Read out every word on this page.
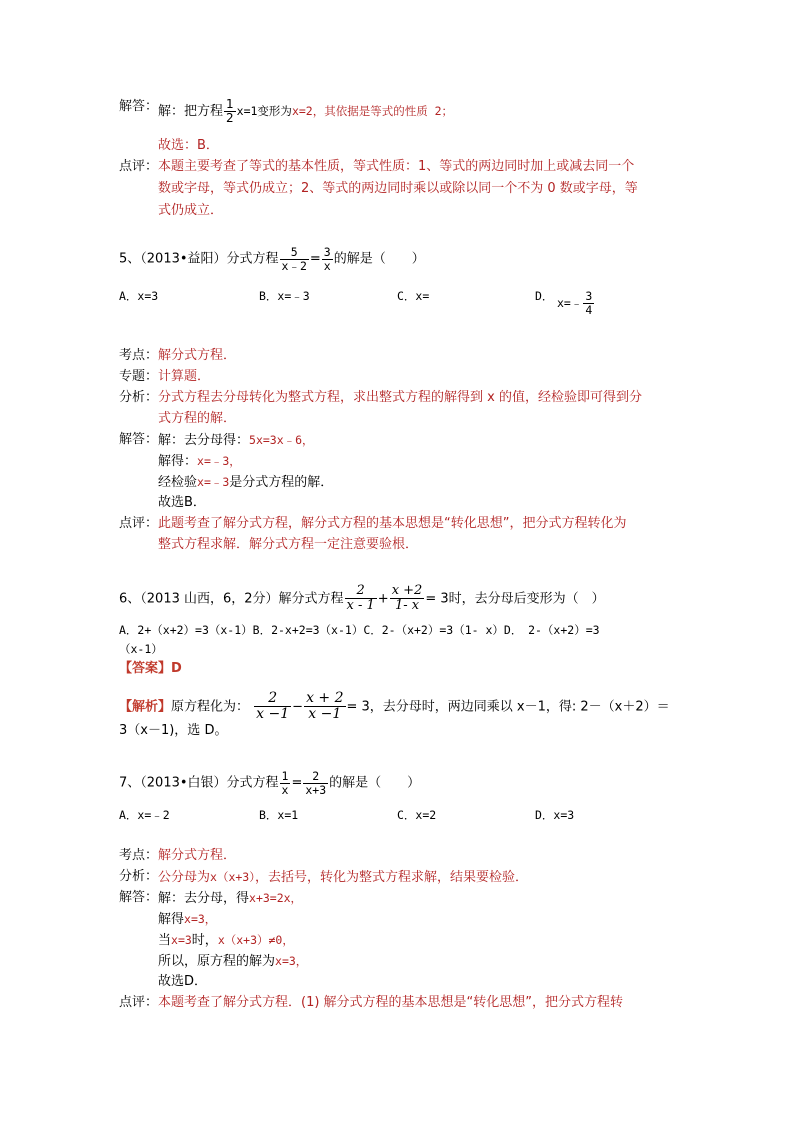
解答： 解：把方程 $\frac{1}{2} x=1$变形为x=2，其依据是等式的性质 2；
故选：B．
点评： 本题主要考查了等式的基本性质，等式性质：1、等式的两边同时加上或减去同一个
数或字母，等式仍成立；2、等式的两边同时乘以或除以同一个不为 0 数或字母，等
式仍成立．
5、（2013•益阳）分式方程 $\frac{5}{x﹣2} = \frac{3}{x}$ 的解是（　　）
A．x=3	B．x=﹣3	C．x=	D．
x=﹣ $\frac{3}{4}$
考点： 解分式方程．
专题： 计算题．
分析： 分式方程去分母转化为整式方程，求出整式方程的解得到 x 的值，经检验即可得到分
式方程的解．
解答： 解：去分母得：5x=3x﹣6，
解得：x=﹣3，
经检验x=﹣3是分式方程的解．
故选B．
点评： 此题考查了解分式方程，解分式方程的基本思想是“转化思想”，把分式方程转化为
整式方程求解．解分式方程一定注意要验根．
6、（2013 山西，6，2分）解分式方程 $\frac{2}{x - 1} + \frac{x +2}{1- x} = 3$时，去分母后变形为（　）
A．2+（x+2）=3（x-1）B．2-x+2=3（x-1）C．2-（x+2）=3（1- x）D．　2-（x+2）=3
（x-1）
【答案】D
【解析】原方程化为： $\frac{2}{x -1} - \frac{x + 2}{x -1} = 3$，去分母时，两边同乘以 x－1，得: 2－（x＋2）＝
3（x－1)，选 D。
7、（2013•白银）分式方程 $\frac{1}{x} = \frac{2}{x+3}$ 的解是（　　）
A．x=﹣2	B．x=1	C．x=2	D．x=3
考点： 解分式方程．
分析： 公分母为x（x+3），去括号，转化为整式方程求解，结果要检验．
解答： 解：去分母，得x+3=2x，
解得x=3，
当x=3时，x（x+3）≠0，
所以，原方程的解为x=3，
故选D．
点评： 本题考查了解分式方程．(1) 解分式方程的基本思想是“转化思想”，把分式方程转
